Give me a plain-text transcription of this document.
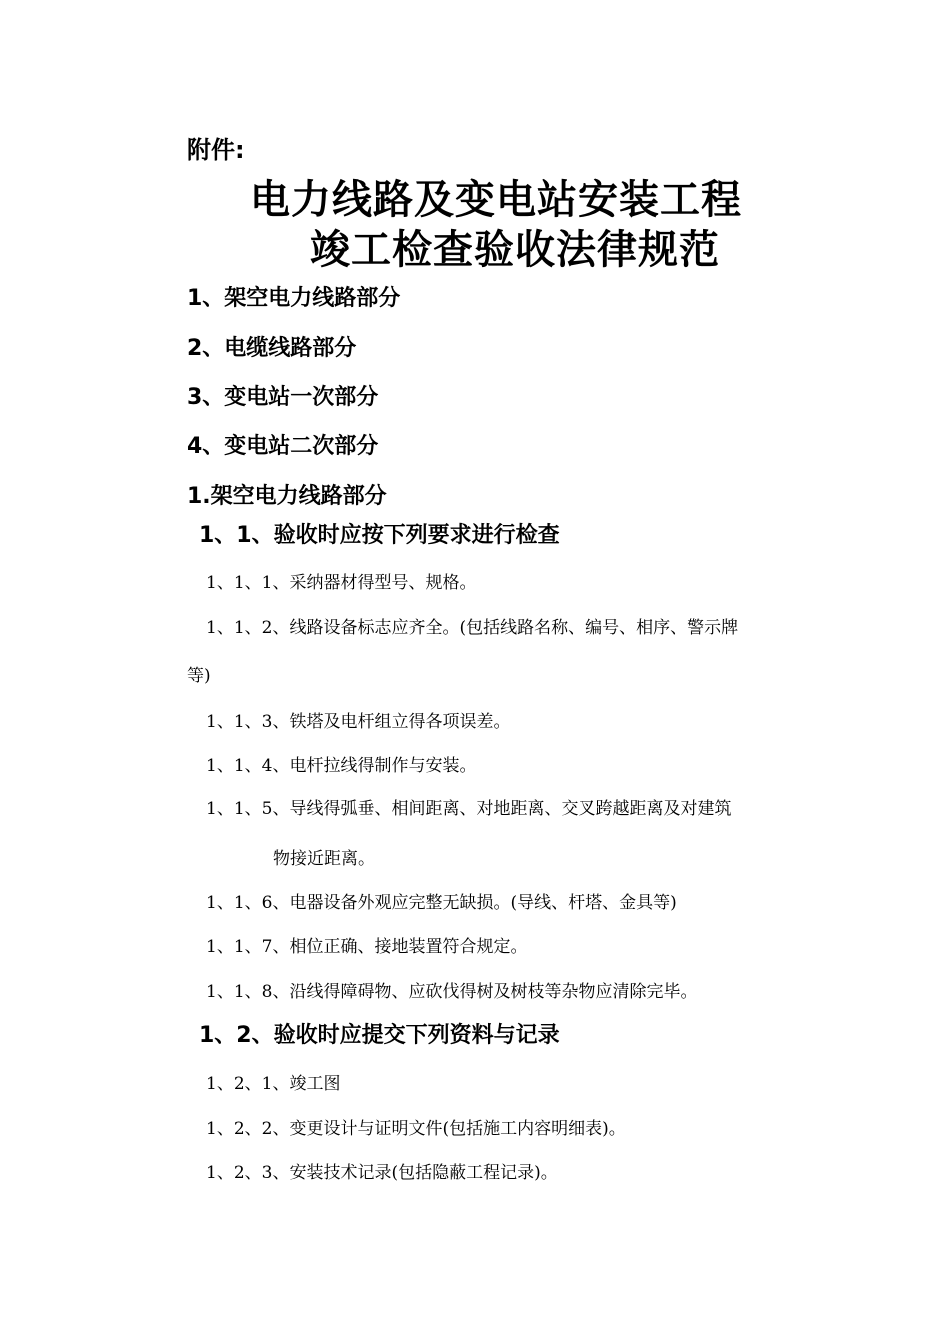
附件:
电力线路及变电站安装工程
竣工检查验收法律规范
1、架空电力线路部分
2、电缆线路部分
3、变电站一次部分
4、变电站二次部分
1.架空电力线路部分
1、1、验收时应按下列要求进行检查
1、1、1、采纳器材得型号、规格。
1、1、2、线路设备标志应齐全。(包括线路名称、编号、相序、警示牌
等)
1、1、3、铁塔及电杆组立得各项误差。
1、1、4、电杆拉线得制作与安装。
1、1、5、导线得弧垂、相间距离、对地距离、交叉跨越距离及对建筑
物接近距离。
1、1、6、电器设备外观应完整无缺损。(导线、杆塔、金具等)
1、1、7、相位正确、接地装置符合规定。
1、1、8、沿线得障碍物、应砍伐得树及树枝等杂物应清除完毕。
1、2、验收时应提交下列资料与记录
1、2、1、竣工图
1、2、2、变更设计与证明文件(包括施工内容明细表)。
1、2、3、安装技术记录(包括隐蔽工程记录)。
